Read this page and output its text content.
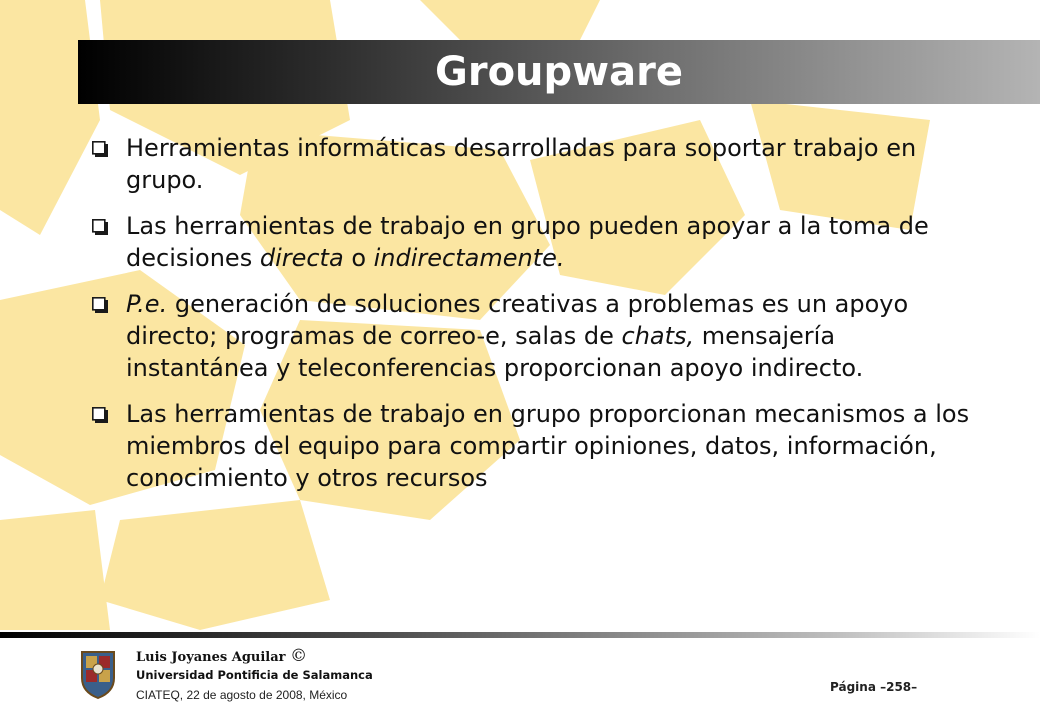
Groupware

Herramientas informáticas desarrolladas para soportar trabajo en grupo.

Las herramientas de trabajo en grupo pueden apoyar a la toma de decisiones directa o indirectamente.

P.e. generación de soluciones creativas a problemas es un apoyo directo; programas de correo-e, salas de chats, mensajería instantánea y teleconferencias proporcionan apoyo indirecto.

Las herramientas de trabajo en grupo proporcionan mecanismos a los miembros del equipo para compartir opiniones, datos, información, conocimiento y otros recursos

Luis Joyanes Aguilar ©
Universidad Pontificia de Salamanca
CIATEQ, 22 de agosto de 2008, México
Página –258–
